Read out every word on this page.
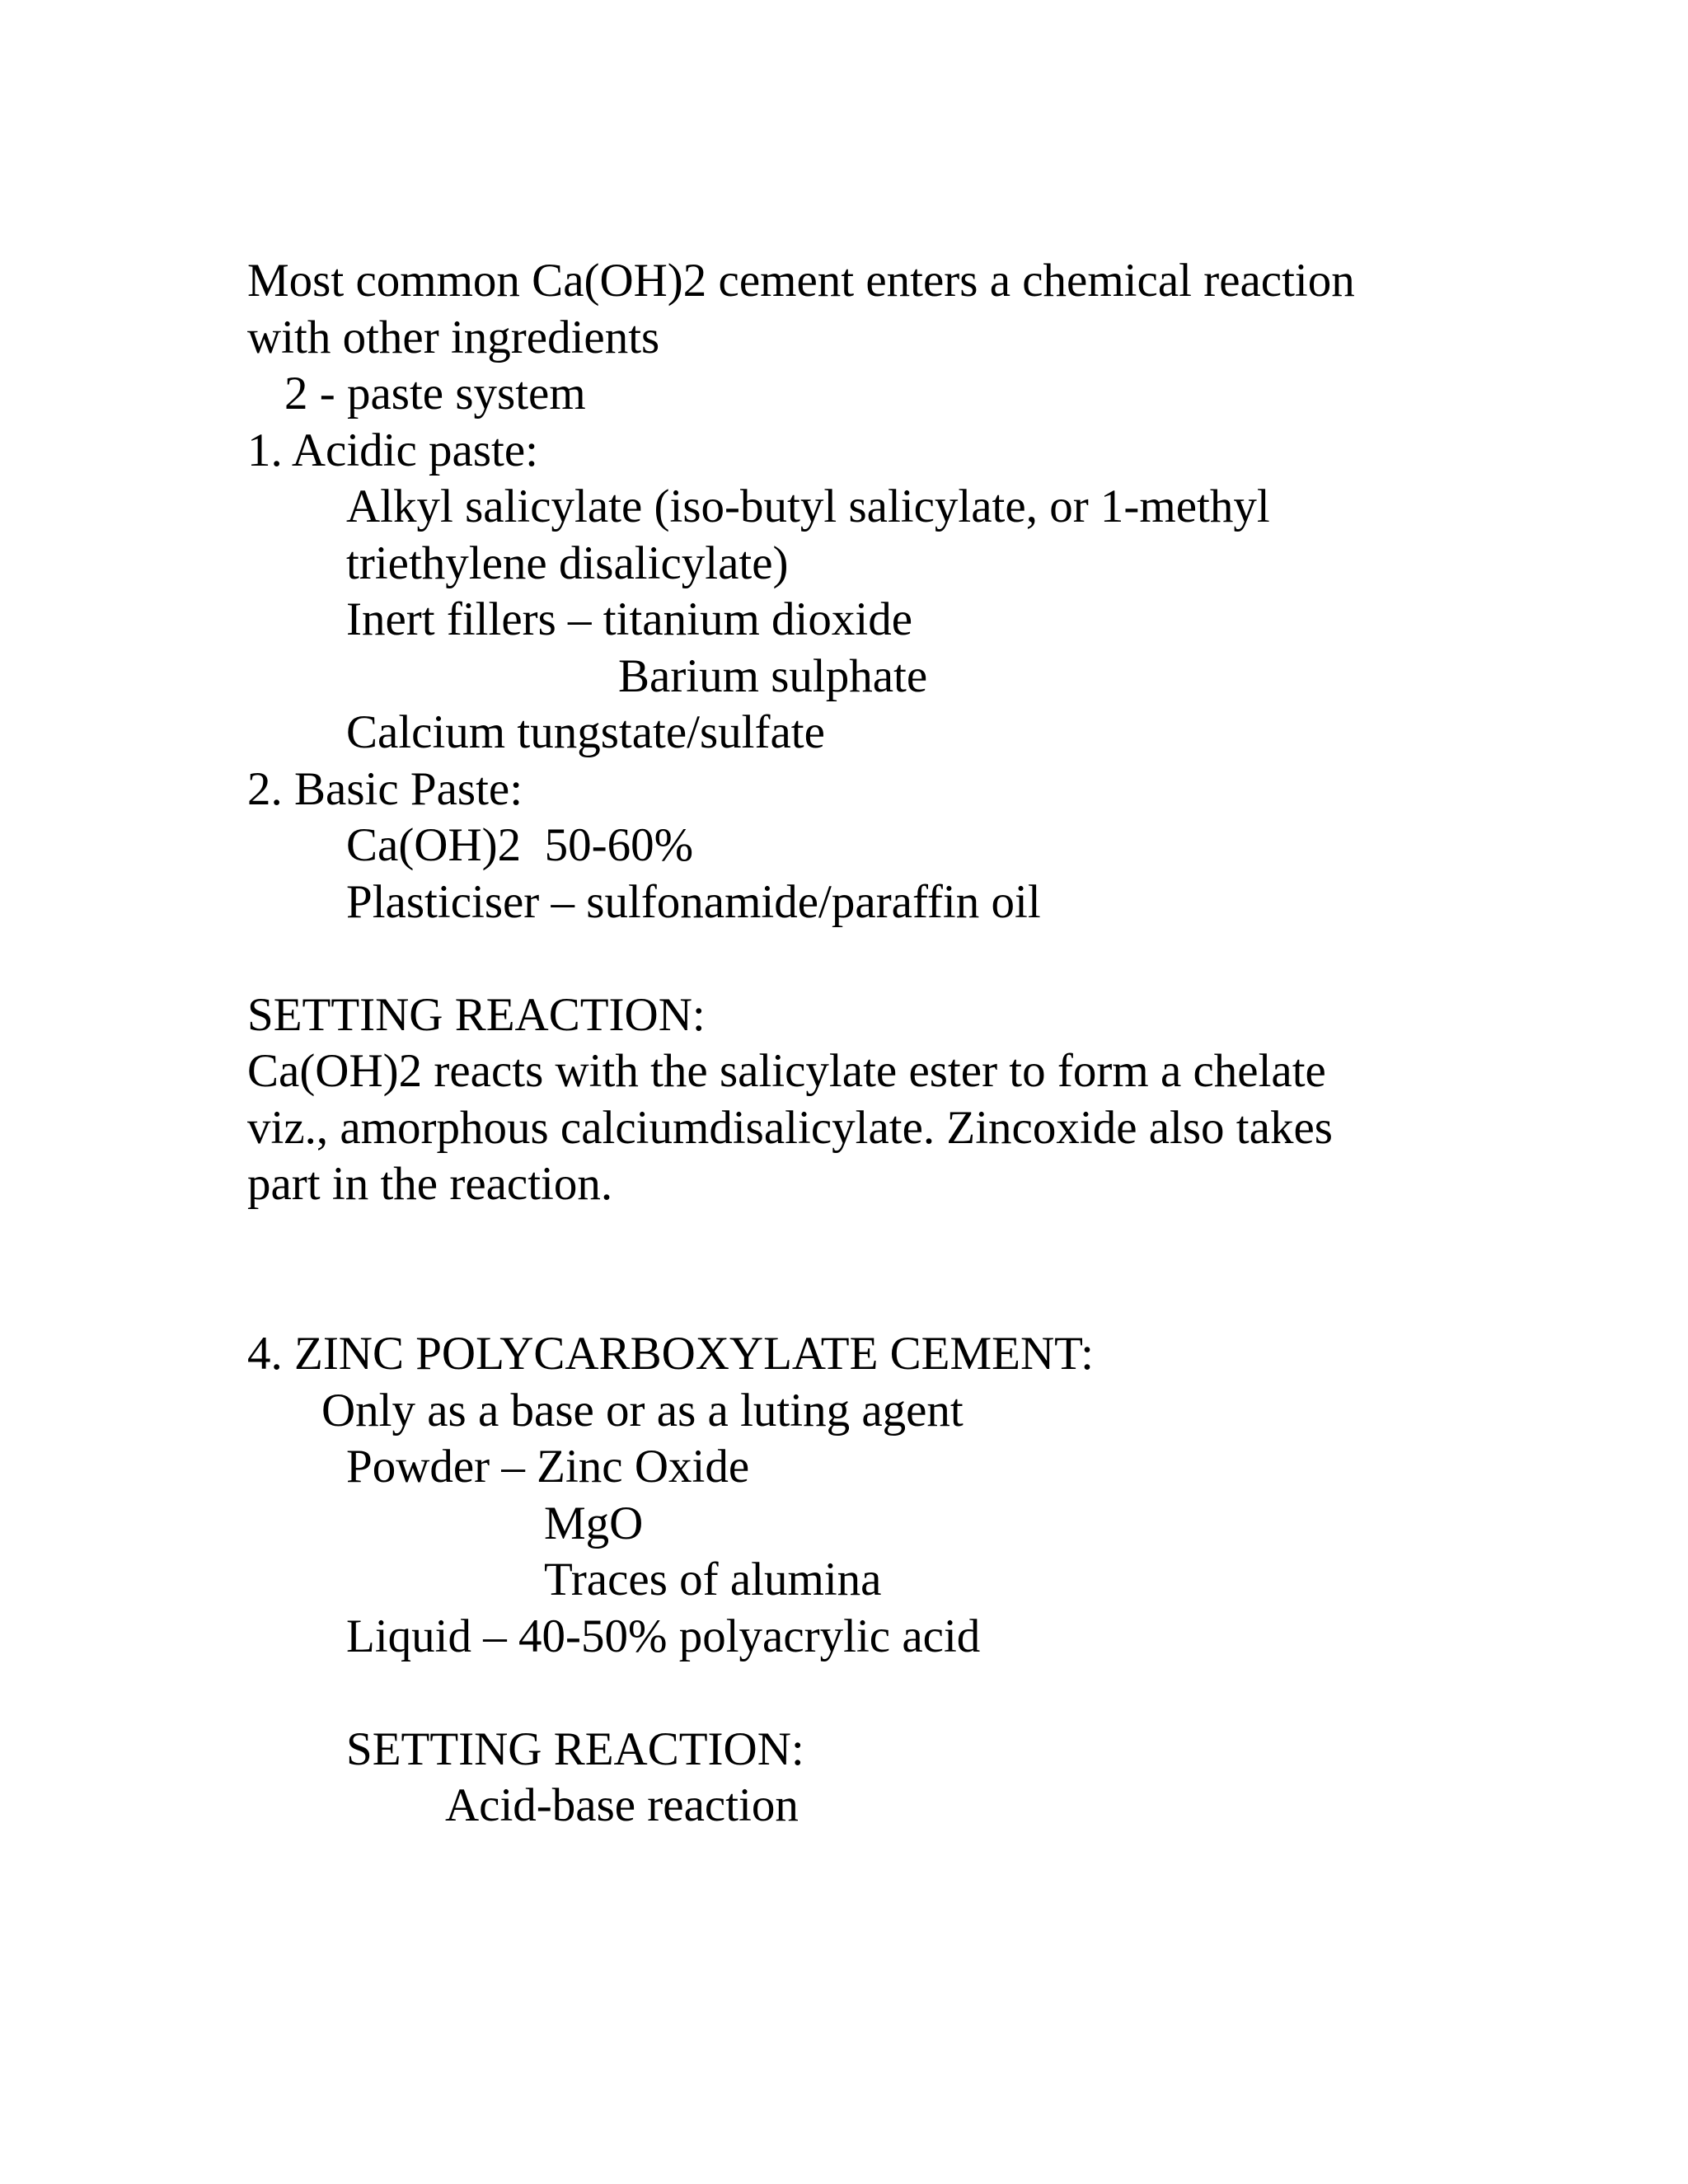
Most common Ca(OH)2 cement enters a chemical reaction
with other ingredients
2 - paste system
1. Acidic paste:
Alkyl salicylate (iso-butyl salicylate, or 1-methyl
triethylene disalicylate)
Inert fillers – titanium dioxide
Barium sulphate
Calcium tungstate/sulfate
2. Basic Paste:
Ca(OH)2  50-60%
Plasticiser – sulfonamide/paraffin oil
SETTING REACTION:
Ca(OH)2 reacts with the salicylate ester to form a chelate
viz., amorphous calciumdisalicylate. Zincoxide also takes
part in the reaction.
4. ZINC POLYCARBOXYLATE CEMENT:
Only as a base or as a luting agent
Powder – Zinc Oxide
MgO
Traces of alumina
Liquid – 40-50% polyacrylic acid
SETTING REACTION:
Acid-base reaction
